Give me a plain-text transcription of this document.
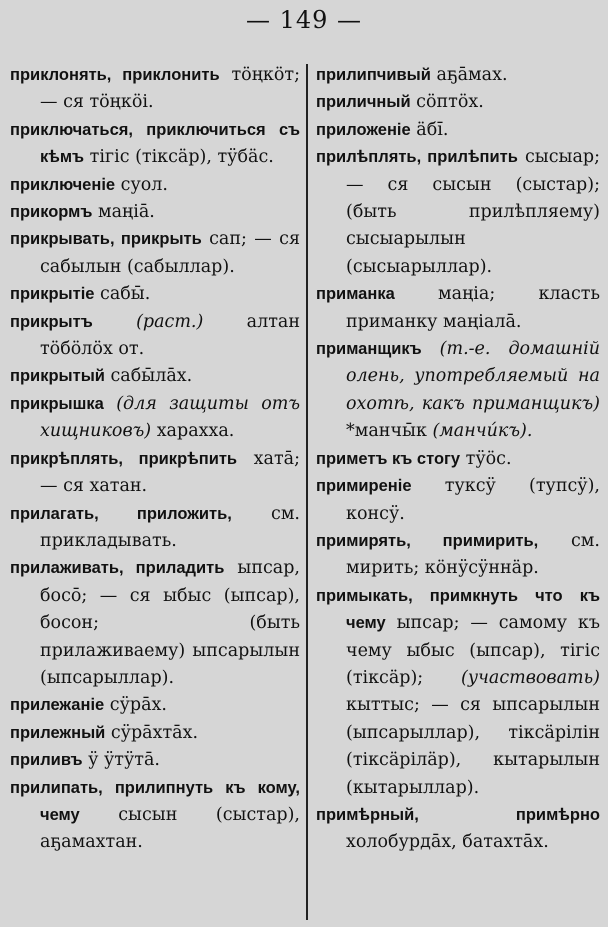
— 149 —

приклонять, приклонить тӧңкӧт; — ся тӧңкӧі.

приключаться, приключиться съ кѣмъ тігіс (тіксӓр), тӱбӓс.

приключеніе суол.

прикормъ маңіа̄.

прикрывать, прикрыть сап; — ся сабылын (сабыллар).

прикрытіе сабы̄.

прикрытъ (раст.) алтан тӧбӧлӧх от.

прикрытый сабы̄ла̄х.

прикрышка (для защиты отъ хищниковъ) харахха.

прикрѣплять, прикрѣпить хата̄; — ся хатан.

прилагать, приложить, см. прикладывать.

прилаживать, приладить ыпсар, босо̄; — ся ыбыс (ыпсар), босон; (быть прилаживаему) ыпсарылын (ыпсарыллар).

прилежаніе сӱра̄х.

прилежный сӱра̄хта̄х.

приливъ ӱ ӱтӱта̄.

прилипать, прилипнуть къ кому, чему сысын (сыстар), аҕамахтан.

прилипчивый аҕа̄мах.

приличный сӧптӧх.

приложеніе ӓбі̄.

прилѣплять, прилѣпить сысыар; — ся сысын (сыстар); (быть прилѣпляему) сысыарылын (сысыарыллар).

приманка маңіа; класть приманку маңіала̄.

приманщикъ (т.-е. домашній олень, употребляемый на охотѣ, какъ приманщикъ) *манчы̄к (манчи́къ).

приметъ къ стогу тӱӧс.

примиреніе туксӱ (тупсӱ), консӱ.

примирять, примирить, см. мирить; кӧнӱсӱннӓр.

примыкать, примкнуть что къ чему ыпсар; — самому къ чему ыбыс (ыпсар), тігіс (тіксӓр); (участвовать) кыттыс; — ся ыпсарылын (ыпсарыллар), тіксӓрілін (тіксӓрілӓр), кытарылын (кытарыллар).

примѣрный, примѣрно холобурда̄х, батахта̄х.
